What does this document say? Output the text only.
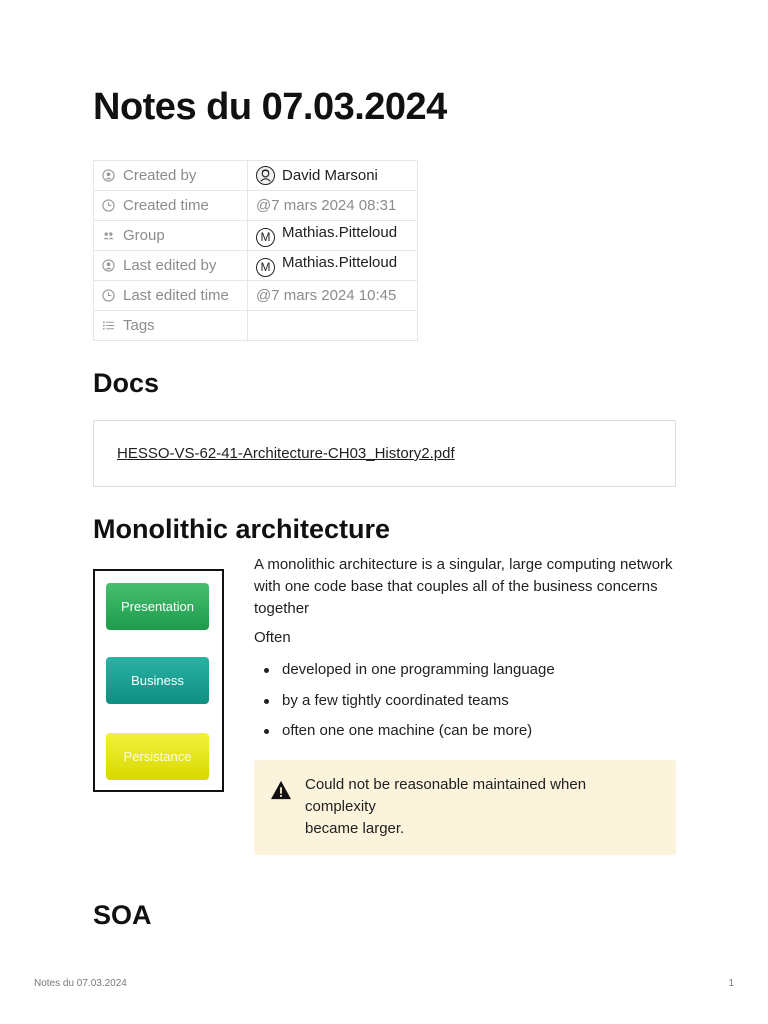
Notes du 07.03.2024
Created by	David Marsoni
Created time	@7 mars 2024 08:31
Group	M Mathias.Pitteloud
Last edited by	M Mathias.Pitteloud
Last edited time	@7 mars 2024 10:45
Tags	
Docs
HESSO-VS-62-41-Architecture-CH03_History2.pdf
Monolithic architecture
Presentation
Business
Persistance

A monolithic architecture is a singular, large computing network with one code base that couples all of the business concerns together

Often

developed in one programming language
by a few tightly coordinated teams
often one one machine (can be more)
Could not be reasonable maintained when complexity
became larger.
SOA
Notes du 07.03.2024	1
